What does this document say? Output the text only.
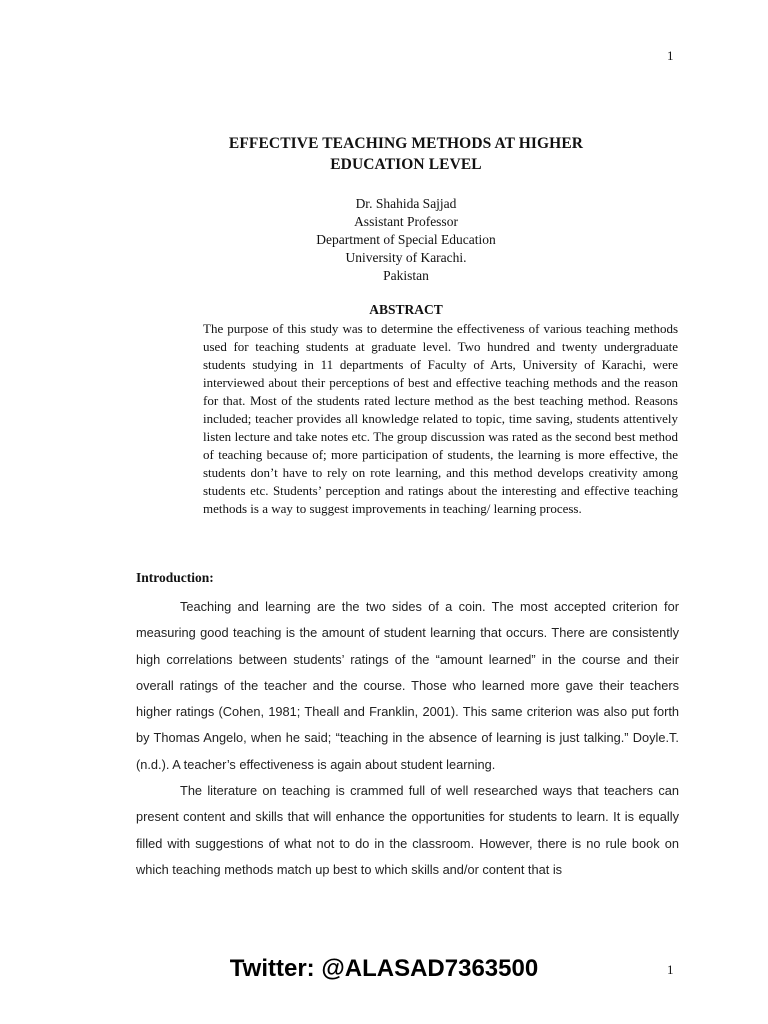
1
EFFECTIVE TEACHING METHODS AT HIGHER
EDUCATION LEVEL
Dr. Shahida Sajjad
Assistant Professor
Department of Special Education
University of Karachi.
Pakistan
ABSTRACT

The purpose of this study was to determine the effectiveness of various teaching methods used for teaching students at graduate level. Two hundred and twenty undergraduate students studying in 11 departments of Faculty of Arts, University of Karachi, were interviewed about their perceptions of best and effective teaching methods and the reason for that. Most of the students rated lecture method as the best teaching method. Reasons included; teacher provides all knowledge related to topic, time saving, students attentively listen lecture and take notes etc. The group discussion was rated as the second best method of teaching because of; more participation of students, the learning is more effective, the students don’t have to rely on rote learning, and this method develops creativity among students etc. Students’ perception and ratings about the interesting and effective teaching methods is a way to suggest improvements in teaching/ learning process.

Introduction:

Teaching and learning are the two sides of a coin. The most accepted criterion for measuring good teaching is the amount of student learning that occurs. There are consistently high correlations between students’ ratings of the “amount learned” in the course and their overall ratings of the teacher and the course. Those who learned more gave their teachers higher ratings (Cohen, 1981; Theall and Franklin, 2001). This same criterion was also put forth by Thomas Angelo, when he said; “teaching in the absence of learning is just talking.” Doyle.T. (n.d.). A teacher’s effectiveness is again about student learning.

The literature on teaching is crammed full of well researched ways that teachers can present content and skills that will enhance the opportunities for students to learn. It is equally filled with suggestions of what not to do in the classroom. However, there is no rule book on which teaching methods match up best to which skills and/or content that is

Twitter: @ALASAD7363500	1
